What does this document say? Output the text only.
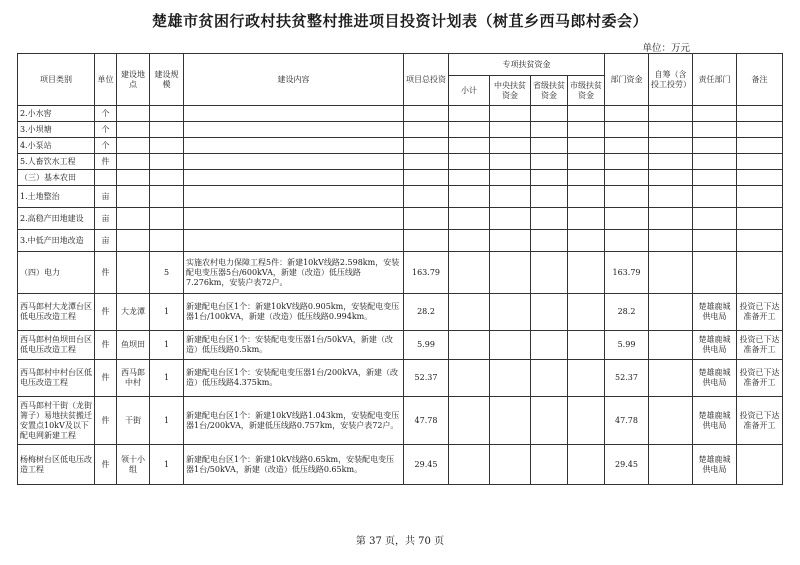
楚雄市贫困行政村扶贫整村推进项目投资计划表（树苴乡西马郎村委会）
单位：万元
项目类别	单位	建设地点	建设规模	建设内容	项目总投资	专项扶贫资金				部门资金	自筹（含投工投劳）	责任部门	备注
						小计	中央扶贫资金	省级扶贫资金	市级扶贫资金				
2.小水窖	个												
3.小坝塘	个												
4.小泵站	个												
5.人畜饮水工程	件												
（三）基本农田													
1.土地整治	亩												
2.高稳产田地建设	亩												
3.中低产田地改造	亩												
（四）电力	件		5	实施农村电力保障工程5件：新建10kV线路2.598km，安装配电变压器5台/600kVA，新建（改造）低压线路7.276km，安装户表72户。	163.79					163.79			
西马郎村大龙潭台区低电压改造工程	件	大龙潭	1	新建配电台区1个：新建10kV线路0.905km，安装配电变压器1台/100kVA，新建（改造）低压线路0.994km。	28.2					28.2		楚雄鹿城供电局	投资已下达准备开工
西马郎村鱼坝田台区低电压改造工程	件	鱼坝田	1	新建配电台区1个：安装配电变压器1台/50kVA，新建（改造）低压线路0.5km。	5.99					5.99		楚雄鹿城供电局	投资已下达准备开工
西马郎村中村台区低电压改造工程	件	西马郎中村	1	新建配电台区1个：安装配电变压器1台/200kVA，新建（改造）低压线路4.375km。	52.37					52.37		楚雄鹿城供电局	投资已下达准备开工
西马郎村干街（龙街箐子）易地扶贫搬迁安置点10kV及以下配电网新建工程	件	干街	1	新建配电台区1个：新建10kV线路1.043km，安装配电变压器1台/200kVA，新建低压线路0.757km，安装户表72户。	47.78					47.78		楚雄鹿城供电局	投资已下达准备开工
杨梅树台区低电压改造工程	件	领十小组	1	新建配电台区1个：新建10kV线路0.65km，安装配电变压器1台/50kVA，新建（改造）低压线路0.65km。	29.45					29.45		楚雄鹿城供电局	
第 37 页，共 70 页
